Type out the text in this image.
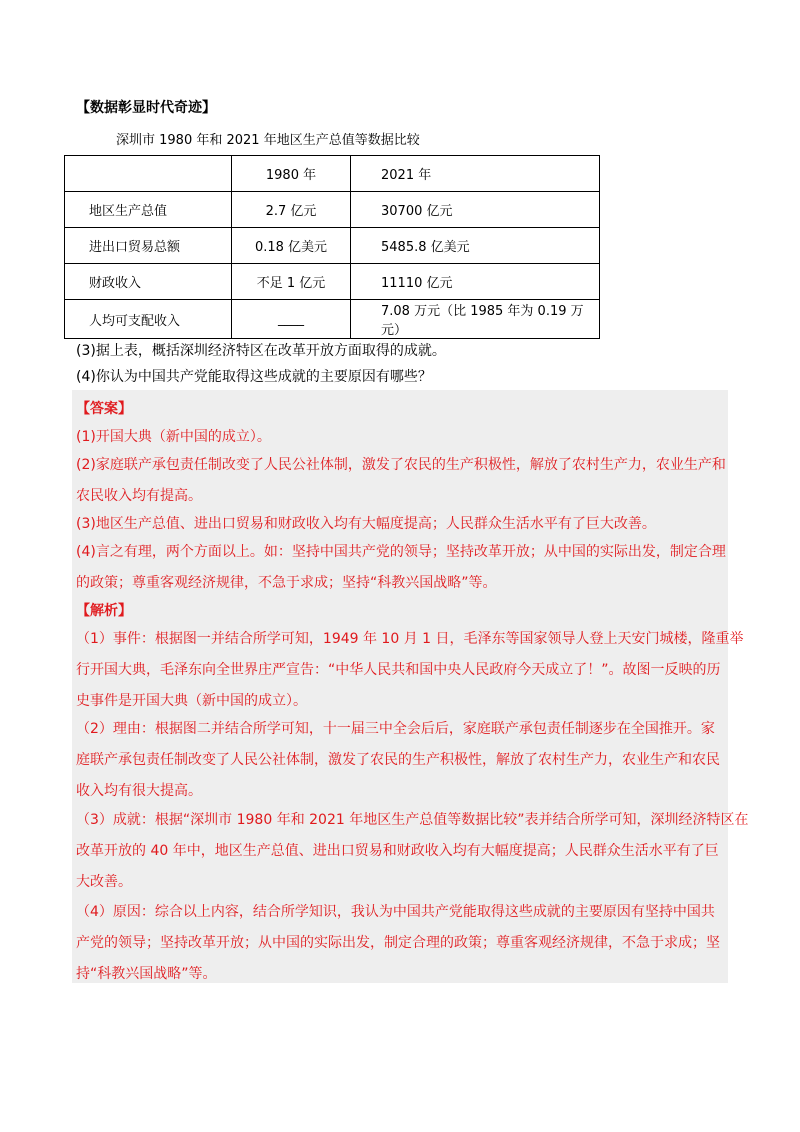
【数据彰显时代奇迹】
深圳市 1980 年和 2021 年地区生产总值等数据比较
	1980 年	2021 年
地区生产总值	2.7 亿元	30700 亿元
进出口贸易总额	0.18 亿美元	5485.8 亿美元
财政收入	不足 1 亿元	11110 亿元
人均可支配收入	____	7.08 万元（比 1985 年为 0.19 万元）
(3)据上表，概括深圳经济特区在改革开放方面取得的成就。
(4)你认为中国共产党能取得这些成就的主要原因有哪些？
【答案】
(1)开国大典（新中国的成立）。
(2)家庭联产承包责任制改变了人民公社体制，激发了农民的生产积极性，解放了农村生产力，农业生产和
农民收入均有提高。
(3)地区生产总值、进出口贸易和财政收入均有大幅度提高；人民群众生活水平有了巨大改善。
(4)言之有理，两个方面以上。如：坚持中国共产党的领导；坚持改革开放；从中国的实际出发，制定合理
的政策；尊重客观经济规律，不急于求成；坚持“科教兴国战略”等。
【解析】
（1）事件：根据图一并结合所学可知，1949 年 10 月 1 日，毛泽东等国家领导人登上天安门城楼，隆重举
行开国大典，毛泽东向全世界庄严宣告：“中华人民共和国中央人民政府今天成立了！”。故图一反映的历
史事件是开国大典（新中国的成立）。
（2）理由：根据图二并结合所学可知，十一届三中全会后后，家庭联产承包责任制逐步在全国推开。家
庭联产承包责任制改变了人民公社体制，激发了农民的生产积极性，解放了农村生产力，农业生产和农民
收入均有很大提高。
（3）成就：根据“深圳市 1980 年和 2021 年地区生产总值等数据比较”表并结合所学可知，深圳经济特区在
改革开放的 40 年中，地区生产总值、进出口贸易和财政收入均有大幅度提高；人民群众生活水平有了巨
大改善。
（4）原因：综合以上内容，结合所学知识，我认为中国共产党能取得这些成就的主要原因有坚持中国共
产党的领导；坚持改革开放；从中国的实际出发，制定合理的政策；尊重客观经济规律，不急于求成；坚
持“科教兴国战略”等。
